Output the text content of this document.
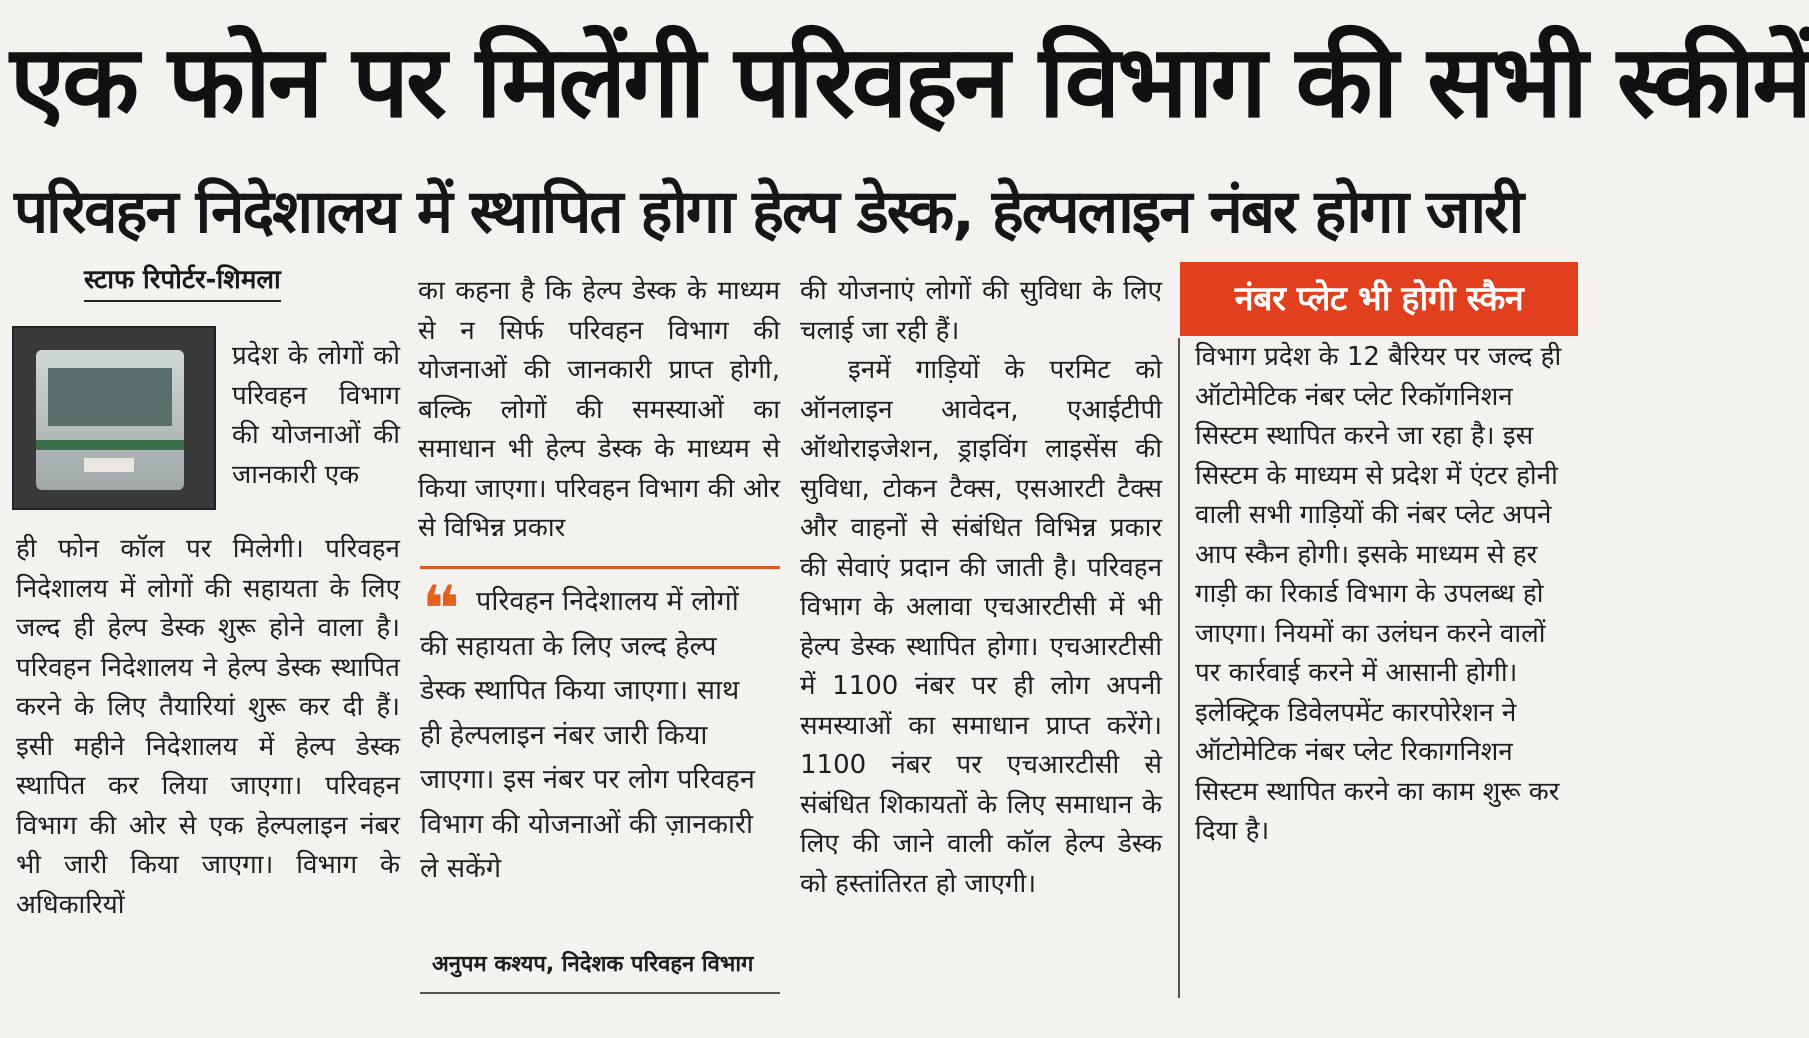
एक फोन पर मिलेंगी परिवहन विभाग की सभी स्कीमें
परिवहन निदेशालय में स्थापित होगा हेल्प डेस्क, हेल्पलाइन नंबर होगा जारी
स्टाफ रिपोर्टर-शिमला

प्रदेश के लोगों को परिवहन विभाग की योजनाओं की जानकारी एक

ही फोन कॉल पर मिलेगी। परिवहन निदेशालय में लोगों की सहायता के लिए जल्द ही हेल्प डेस्क शुरू होने वाला है। परिवहन निदेशालय ने हेल्प डेस्क स्थापित करने के लिए तैयारियां शुरू कर दी हैं। इसी महीने निदेशालय में हेल्प डेस्क स्थापित कर लिया जाएगा। परिवहन विभाग की ओर से एक हेल्पलाइन नंबर भी जारी किया जाएगा। विभाग के अधिकारियों

का कहना है कि हेल्प डेस्क के माध्यम से न सिर्फ परिवहन विभाग की योजनाओं की जानकारी प्राप्त होगी, बल्कि लोगों की समस्याओं का समाधान भी हेल्प डेस्क के माध्यम से किया जाएगा। परिवहन विभाग की ओर से विभिन्न प्रकार

❝ परिवहन निदेशालय में लोगों की सहायता के लिए जल्द हेल्प डेस्क स्थापित किया जाएगा। साथ ही हेल्पलाइन नंबर जारी किया जाएगा। इस नंबर पर लोग परिवहन विभाग की योजनाओं की ज़ानकारी ले सकेंगे
अनुपम कश्यप, निदेशक परिवहन विभाग

की योजनाएं लोगों की सुविधा के लिए चलाई जा रही हैं।

इनमें गाड़ियों के परमिट को ऑनलाइन आवेदन, एआईटीपी ऑथोराइजेशन, ड्राइविंग लाइसेंस की सुविधा, टोकन टैक्स, एसआरटी टैक्स और वाहनों से संबंधित विभिन्न प्रकार की सेवाएं प्रदान की जाती है। परिवहन विभाग के अलावा एचआरटीसी में भी हेल्प डेस्क स्थापित होगा। एचआरटीसी में 1100 नंबर पर ही लोग अपनी समस्याओं का समाधान प्राप्त करेंगे। 1100 नंबर पर एचआरटीसी से संबंधित शिकायतों के लिए समाधान के लिए की जाने वाली कॉल हेल्प डेस्क को हस्तांतिरत हो जाएगी।

नंबर प्लेट भी होगी स्कैन

विभाग प्रदेश के 12 बैरियर पर जल्द ही ऑटोमेटिक नंबर प्लेट रिकॉगनिशन सिस्टम स्थापित करने जा रहा है। इस सिस्टम के माध्यम से प्रदेश में एंटर होनी वाली सभी गाड़ियों की नंबर प्लेट अपने आप स्कैन होगी। इसके माध्यम से हर गाड़ी का रिकार्ड विभाग के उपलब्ध हो जाएगा। नियमों का उलंघन करने वालों पर कार्रवाई करने में आसानी होगी। इलेक्ट्रिक डिवेलपमेंट कारपोरेशन ने ऑटोमेटिक नंबर प्लेट रिकागनिशन सिस्टम स्थापित करने का काम शुरू कर दिया है।
